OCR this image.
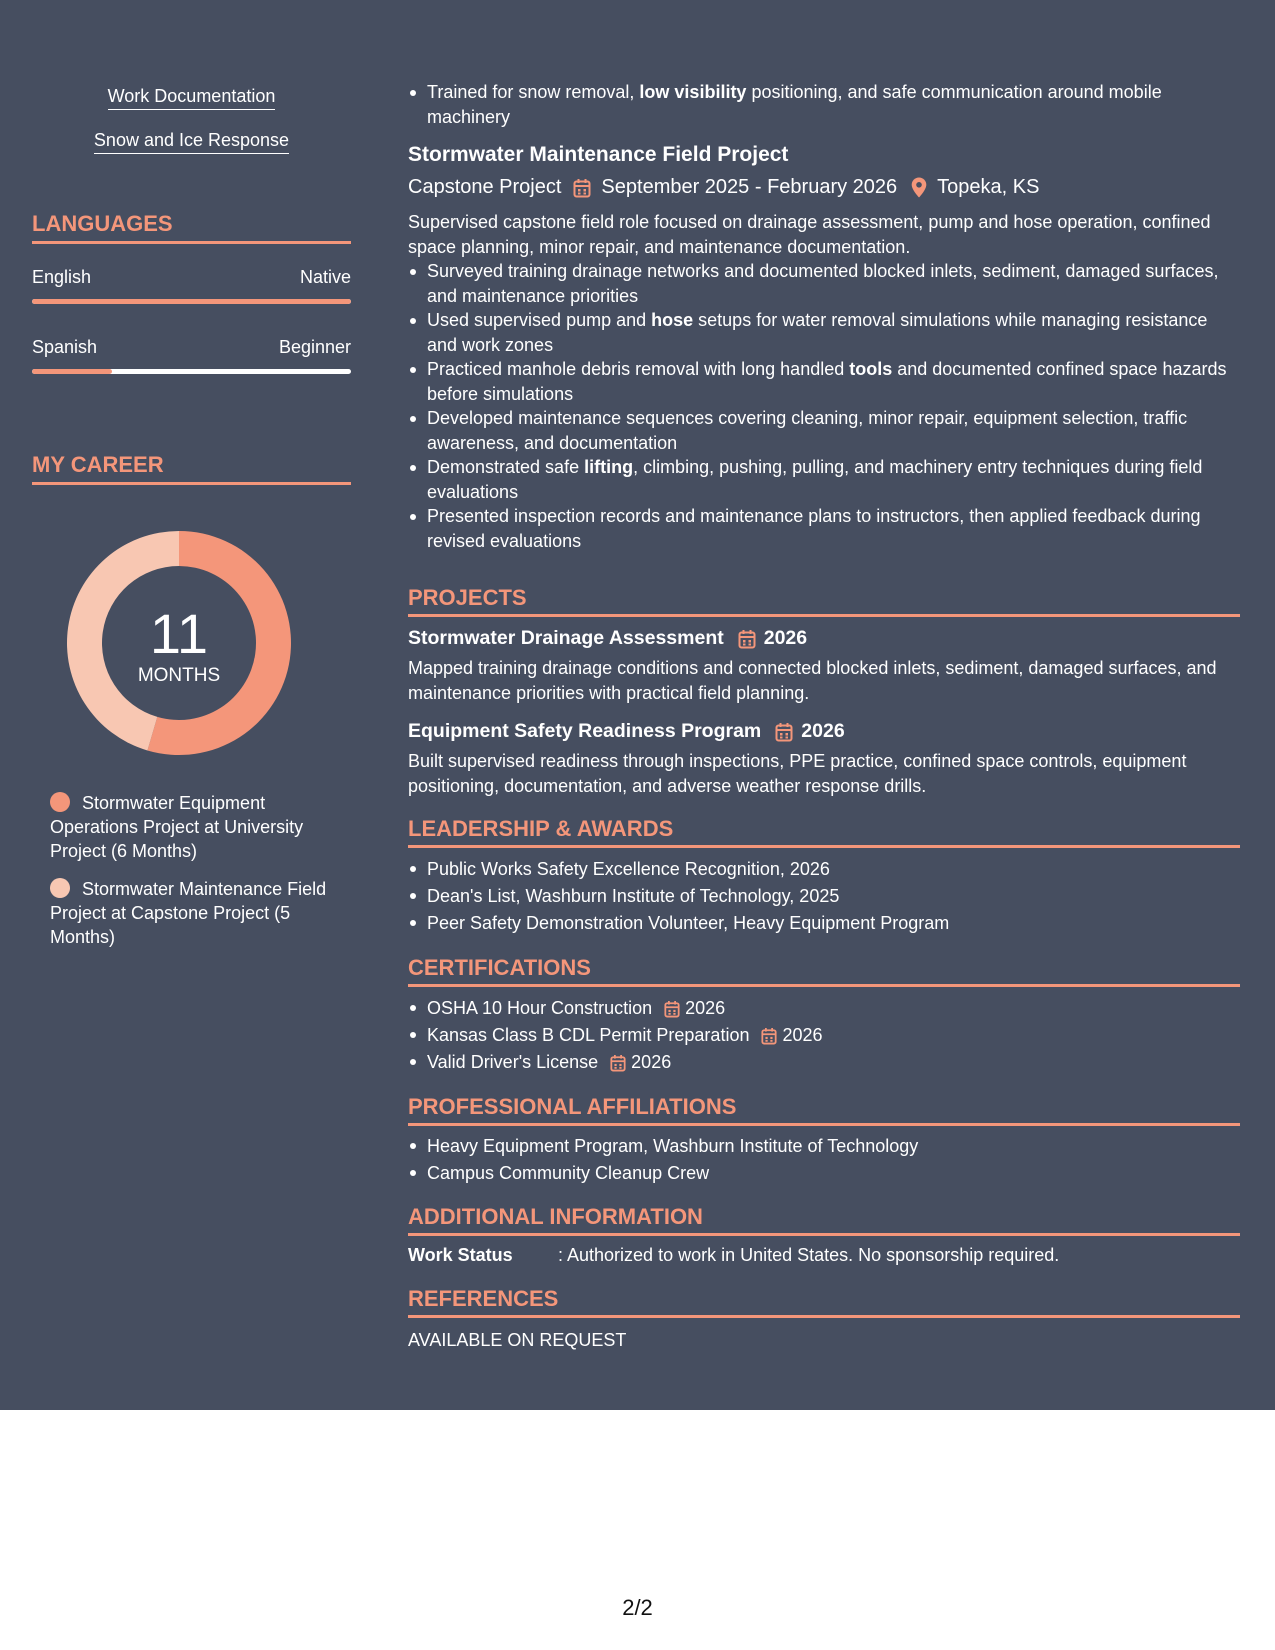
Work Documentation
Snow and Ice Response
LANGUAGES
English	Native
Spanish	Beginner
MY CAREER
11
MONTHS
Stormwater Equipment Operations Project at University Project (6 Months)
Stormwater Maintenance Field Project at Capstone Project (5 Months)
Trained for snow removal, low visibility positioning, and safe communication around mobile machinery
Stormwater Maintenance Field Project
Capstone Project September 2025 - February 2026 Topeka, KS
Supervised capstone field role focused on drainage assessment, pump and hose operation, confined space planning, minor repair, and maintenance documentation.
Surveyed training drainage networks and documented blocked inlets, sediment, damaged surfaces, and maintenance priorities
Used supervised pump and hose setups for water removal simulations while managing resistance and work zones
Practiced manhole debris removal with long handled tools and documented confined space hazards before simulations
Developed maintenance sequences covering cleaning, minor repair, equipment selection, traffic awareness, and documentation
Demonstrated safe lifting, climbing, pushing, pulling, and machinery entry techniques during field evaluations
Presented inspection records and maintenance plans to instructors, then applied feedback during revised evaluations
PROJECTS
Stormwater Drainage Assessment 2026
Mapped training drainage conditions and connected blocked inlets, sediment, damaged surfaces, and maintenance priorities with practical field planning.
Equipment Safety Readiness Program 2026
Built supervised readiness through inspections, PPE practice, confined space controls, equipment positioning, documentation, and adverse weather response drills.
LEADERSHIP & AWARDS
Public Works Safety Excellence Recognition, 2026
Dean's List, Washburn Institute of Technology, 2025
Peer Safety Demonstration Volunteer, Heavy Equipment Program
CERTIFICATIONS
OSHA 10 Hour Construction 2026
Kansas Class B CDL Permit Preparation 2026
Valid Driver's License 2026
PROFESSIONAL AFFILIATIONS
Heavy Equipment Program, Washburn Institute of Technology
Campus Community Cleanup Crew
ADDITIONAL INFORMATION
Work Status	: Authorized to work in United States. No sponsorship required.
REFERENCES
AVAILABLE ON REQUEST
2/2
